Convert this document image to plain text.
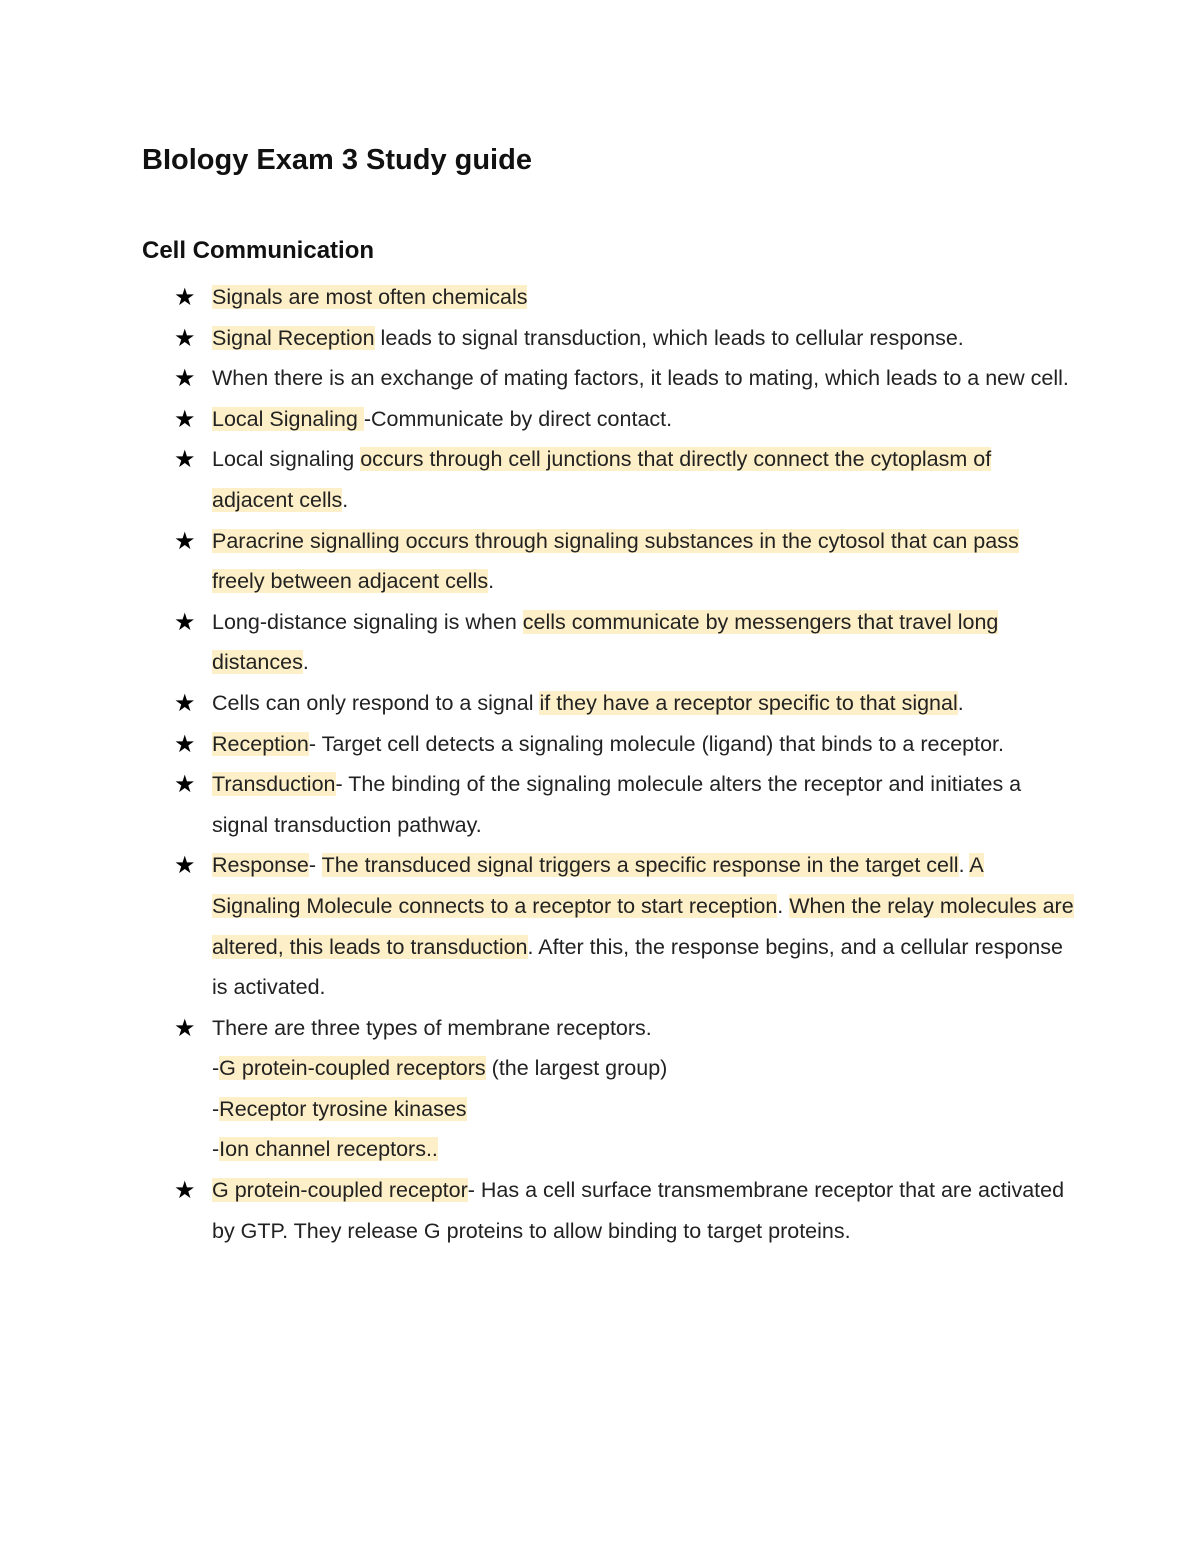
BIology Exam 3 Study guide
Cell Communication
★ Signals are most often chemicals
★ Signal Reception leads to signal transduction, which leads to cellular response.
★ When there is an exchange of mating factors, it leads to mating, which leads to a new cell.
★ Local Signaling -Communicate by direct contact.
★ Local signaling occurs through cell junctions that directly connect the cytoplasm of adjacent cells.
★ Paracrine signalling occurs through signaling substances in the cytosol that can pass freely between adjacent cells.
★ Long-distance signaling is when cells communicate by messengers that travel long distances.
★ Cells can only respond to a signal if they have a receptor specific to that signal.
★ Reception- Target cell detects a signaling molecule (ligand) that binds to a receptor.
★ Transduction- The binding of the signaling molecule alters the receptor and initiates a signal transduction pathway.
★ Response- The transduced signal triggers a specific response in the target cell. A Signaling Molecule connects to a receptor to start reception. When the relay molecules are altered, this leads to transduction. After this, the response begins, and a cellular response is activated.
★ There are three types of membrane receptors.
-G protein-coupled receptors (the largest group)
-Receptor tyrosine kinases
-Ion channel receptors..
★ G protein-coupled receptor- Has a cell surface transmembrane receptor that are activated by GTP. They release G proteins to allow binding to target proteins.
